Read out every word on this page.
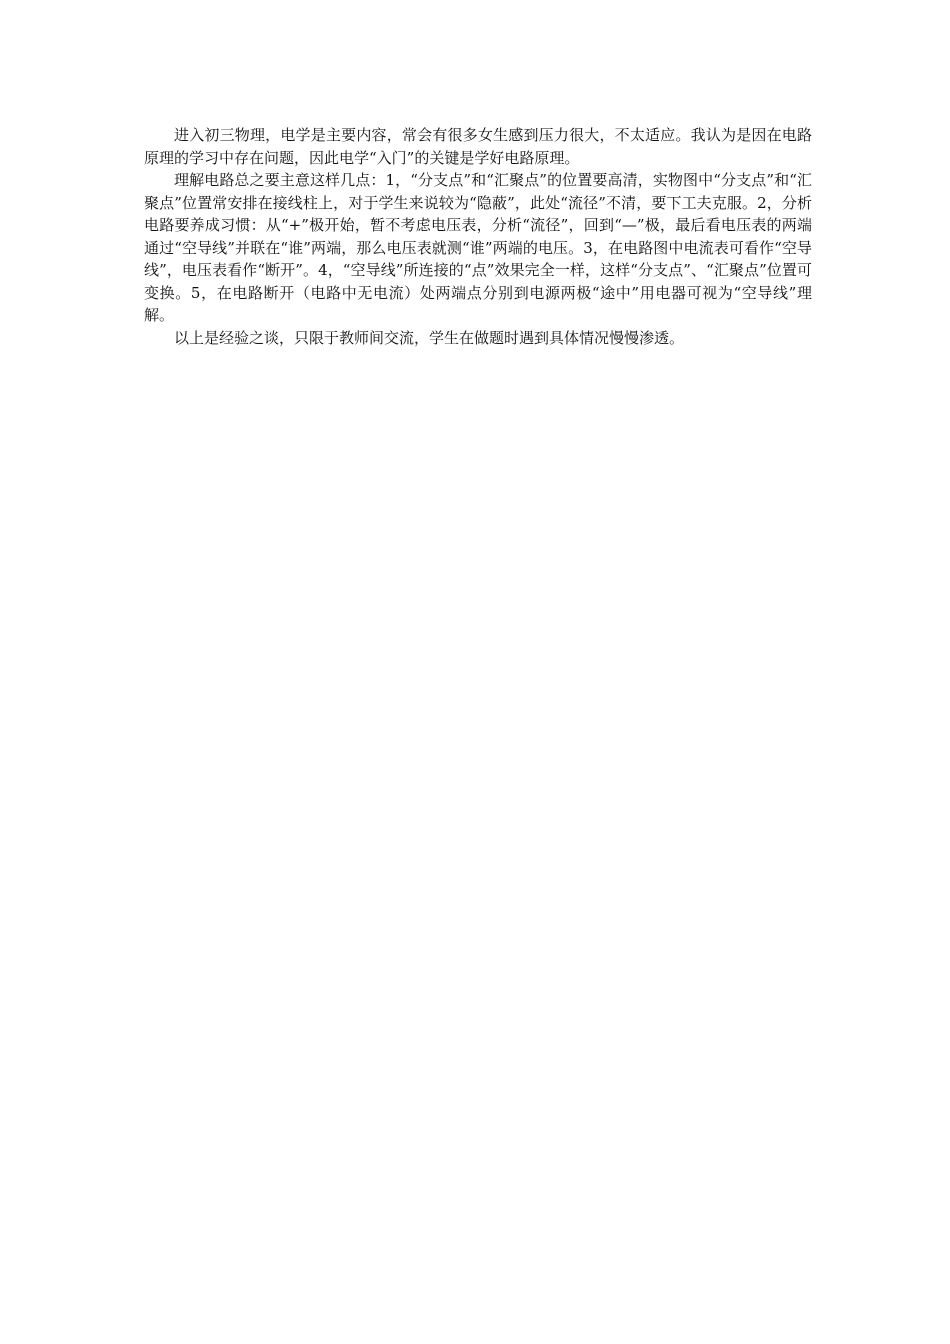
进入初三物理，电学是主要内容，常会有很多女生感到压力很大，不太适应。我认为是因在电路原理的学习中存在问题，因此电学“入门”的关键是学好电路原理。

理解电路总之要主意这样几点：1，“分支点”和“汇聚点”的位置要高清，实物图中“分支点”和“汇聚点”位置常安排在接线柱上，对于学生来说较为“隐蔽”，此处“流径”不清，要下工夫克服。2，分析电路要养成习惯：从“+”极开始，暂不考虑电压表，分析“流径”，回到“—”极，最后看电压表的两端通过“空导线”并联在“谁”两端，那么电压表就测“谁”两端的电压。3，在电路图中电流表可看作“空导线”，电压表看作“断开”。4，“空导线”所连接的“点”效果完全一样，这样“分支点”、“汇聚点”位置可变换。5，在电路断开（电路中无电流）处两端点分别到电源两极“途中”用电器可视为“空导线”理解。

以上是经验之谈，只限于教师间交流，学生在做题时遇到具体情况慢慢渗透。
